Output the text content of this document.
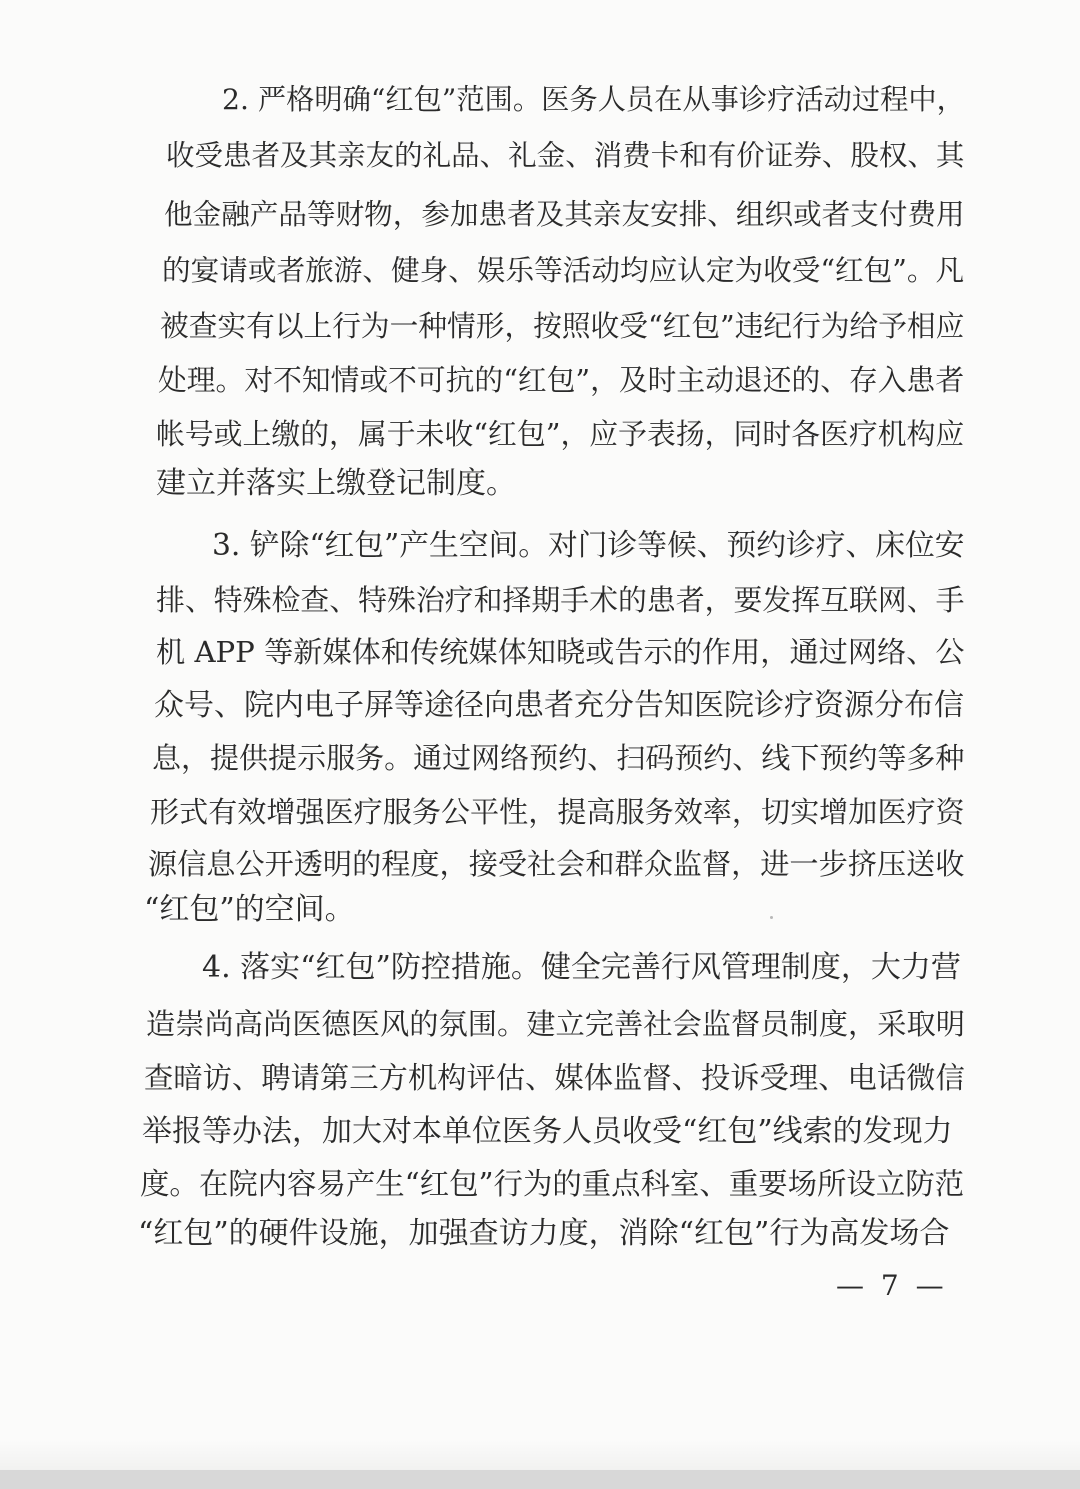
2. 严格明确“红包”范围。医务人员在从事诊疗活动过程中，

收受患者及其亲友的礼品、礼金、消费卡和有价证券、股权、其

他金融产品等财物，参加患者及其亲友安排、组织或者支付费用

的宴请或者旅游、健身、娱乐等活动均应认定为收受“红包”。凡

被查实有以上行为一种情形，按照收受“红包”违纪行为给予相应

处理。对不知情或不可抗的“红包”，及时主动退还的、存入患者

帐号或上缴的，属于未收“红包”，应予表扬，同时各医疗机构应

建立并落实上缴登记制度。

3. 铲除“红包”产生空间。对门诊等候、预约诊疗、床位安

排、特殊检查、特殊治疗和择期手术的患者，要发挥互联网、手

机 APP 等新媒体和传统媒体知晓或告示的作用，通过网络、公

众号、院内电子屏等途径向患者充分告知医院诊疗资源分布信

息，提供提示服务。通过网络预约、扫码预约、线下预约等多种

形式有效增强医疗服务公平性，提高服务效率，切实增加医疗资

源信息公开透明的程度，接受社会和群众监督，进一步挤压送收

“红包”的空间。

4. 落实“红包”防控措施。健全完善行风管理制度，大力营

造崇尚高尚医德医风的氛围。建立完善社会监督员制度，采取明

查暗访、聘请第三方机构评估、媒体监督、投诉受理、电话微信

举报等办法，加大对本单位医务人员收受“红包”线索的发现力

度。在院内容易产生“红包”行为的重点科室、重要场所设立防范

“红包”的硬件设施，加强查访力度，消除“红包”行为高发场合

— 7 —
